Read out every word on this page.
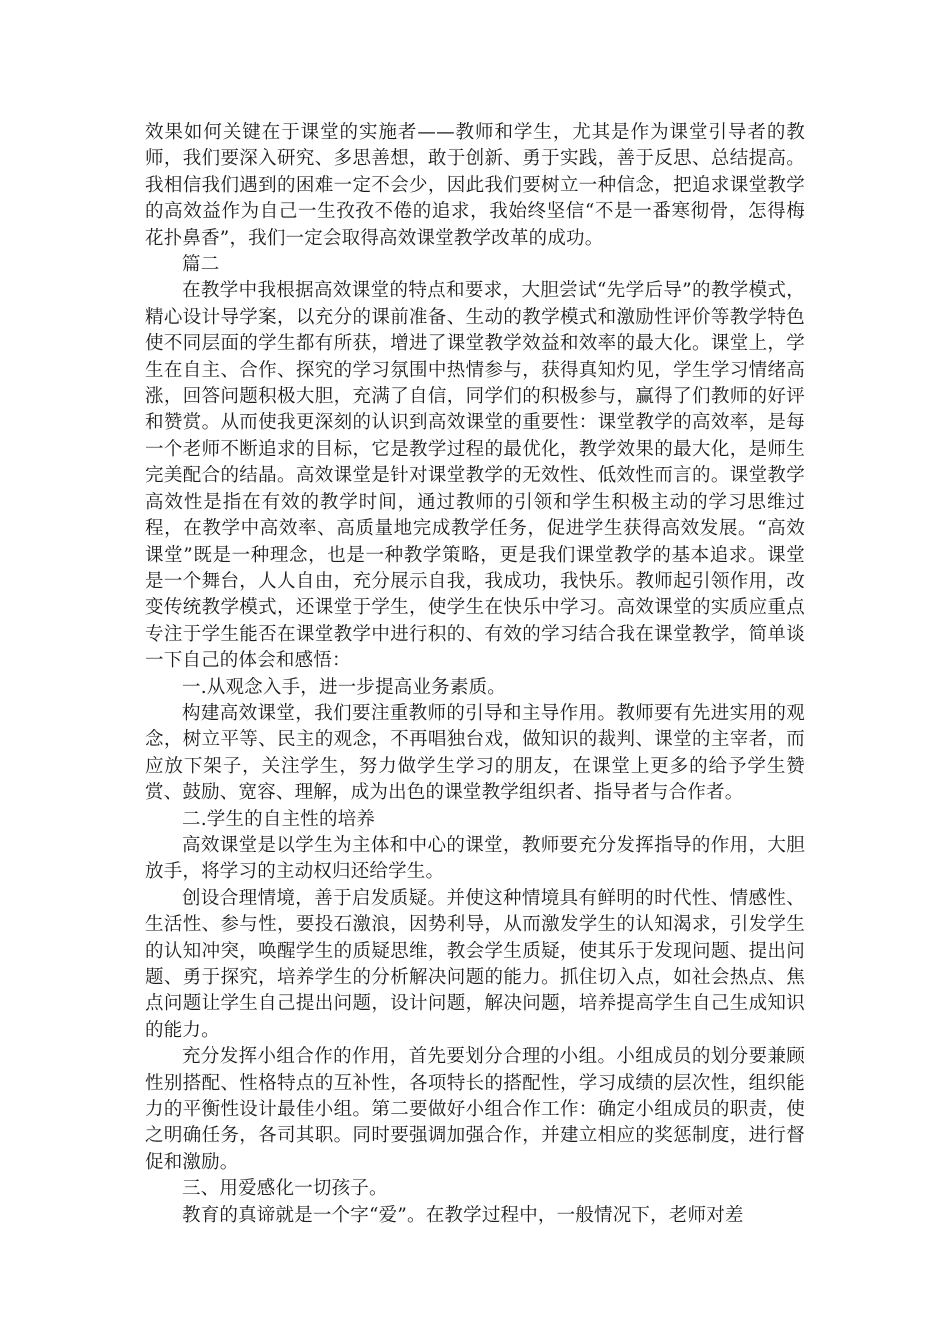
效果如何关键在于课堂的实施者——教师和学生，尤其是作为课堂引导者的教师，我们要深入研究、多思善想，敢于创新、勇于实践，善于反思、总结提高。我相信我们遇到的困难一定不会少，因此我们要树立一种信念，把追求课堂教学的高效益作为自己一生孜孜不倦的追求，我始终坚信“不是一番寒彻骨，怎得梅花扑鼻香”，我们一定会取得高效课堂教学改革的成功。

篇二

在教学中我根据高效课堂的特点和要求，大胆尝试“先学后导”的教学模式，精心设计导学案，以充分的课前准备、生动的教学模式和激励性评价等教学特色使不同层面的学生都有所获，增进了课堂教学效益和效率的最大化。课堂上，学生在自主、合作、探究的学习氛围中热情参与，获得真知灼见，学生学习情绪高涨，回答问题积极大胆，充满了自信，同学们的积极参与，赢得了们教师的好评和赞赏。从而使我更深刻的认识到高效课堂的重要性：课堂教学的高效率，是每一个老师不断追求的目标，它是教学过程的最优化，教学效果的最大化，是师生完美配合的结晶。高效课堂是针对课堂教学的无效性、低效性而言的。课堂教学高效性是指在有效的教学时间，通过教师的引领和学生积极主动的学习思维过程，在教学中高效率、高质量地完成教学任务，促进学生获得高效发展。“高效课堂”既是一种理念，也是一种教学策略，更是我们课堂教学的基本追求。课堂是一个舞台，人人自由，充分展示自我，我成功，我快乐。教师起引领作用，改变传统教学模式，还课堂于学生，使学生在快乐中学习。高效课堂的实质应重点专注于学生能否在课堂教学中进行积的、有效的学习结合我在课堂教学，简单谈一下自己的体会和感悟：

一.从观念入手，进一步提高业务素质。

构建高效课堂，我们要注重教师的引导和主导作用。教师要有先进实用的观念，树立平等、民主的观念，不再唱独台戏，做知识的裁判、课堂的主宰者，而应放下架子，关注学生，努力做学生学习的朋友，在课堂上更多的给予学生赞赏、鼓励、宽容、理解，成为出色的课堂教学组织者、指导者与合作者。

二.学生的自主性的培养

高效课堂是以学生为主体和中心的课堂，教师要充分发挥指导的作用，大胆放手，将学习的主动权归还给学生。

创设合理情境，善于启发质疑。并使这种情境具有鲜明的时代性、情感性、生活性、参与性，要投石激浪，因势利导，从而激发学生的认知渴求，引发学生的认知冲突，唤醒学生的质疑思维，教会学生质疑，使其乐于发现问题、提出问题、勇于探究，培养学生的分析解决问题的能力。抓住切入点，如社会热点、焦点问题让学生自己提出问题，设计问题，解决问题，培养提高学生自己生成知识的能力。

充分发挥小组合作的作用，首先要划分合理的小组。小组成员的划分要兼顾性别搭配、性格特点的互补性，各项特长的搭配性，学习成绩的层次性，组织能力的平衡性设计最佳小组。第二要做好小组合作工作：确定小组成员的职责，使之明确任务，各司其职。同时要强调加强合作，并建立相应的奖惩制度，进行督促和激励。

三、用爱感化一切孩子。

教育的真谛就是一个字“爱”。在教学过程中，一般情况下，老师对差
